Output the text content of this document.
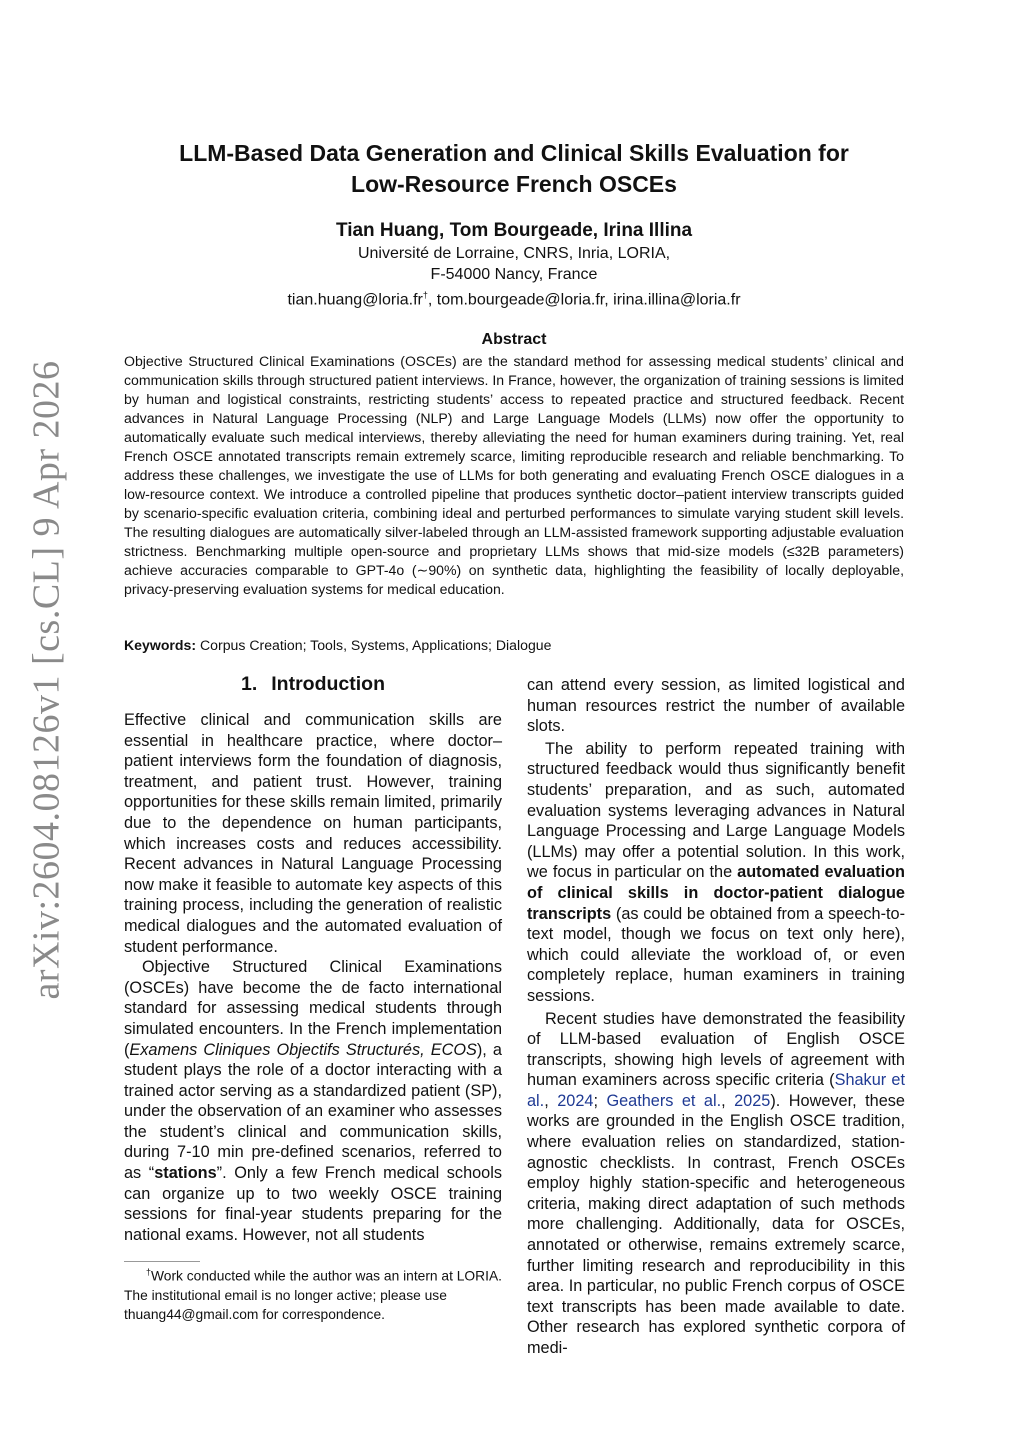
arXiv:2604.08126v1 [cs.CL] 9 Apr 2026
LLM-Based Data Generation and Clinical Skills Evaluation for
Low-Resource French OSCEs
Tian Huang, Tom Bourgeade, Irina Illina
Université de Lorraine, CNRS, Inria, LORIA,
F-54000 Nancy, France
tian.huang@loria.fr†, tom.bourgeade@loria.fr, irina.illina@loria.fr
Abstract

Objective Structured Clinical Examinations (OSCEs) are the standard method for assessing medical students’ clinical and communication skills through structured patient interviews. In France, however, the organization of training sessions is limited by human and logistical constraints, restricting students’ access to repeated practice and structured feedback. Recent advances in Natural Language Processing (NLP) and Large Language Models (LLMs) now offer the opportunity to automatically evaluate such medical interviews, thereby alleviating the need for human examiners during training. Yet, real French OSCE annotated transcripts remain extremely scarce, limiting reproducible research and reliable benchmarking. To address these challenges, we investigate the use of LLMs for both generating and evaluating French OSCE dialogues in a low-resource context. We introduce a controlled pipeline that produces synthetic doctor–patient interview transcripts guided by scenario-specific evaluation criteria, combining ideal and perturbed performances to simulate varying student skill levels. The resulting dialogues are automatically silver-labeled through an LLM-assisted framework supporting adjustable evaluation strictness. Benchmarking multiple open-source and proprietary LLMs shows that mid-size models (≤32B parameters) achieve accuracies comparable to GPT-4o (∼90%) on synthetic data, highlighting the feasibility of locally deployable, privacy-preserving evaluation systems for medical education.

Keywords: Corpus Creation; Tools, Systems, Applications; Dialogue
1. Introduction

Effective clinical and communication skills are essential in healthcare practice, where doctor–patient interviews form the foundation of diagnosis, treatment, and patient trust. However, training opportunities for these skills remain limited, primarily due to the dependence on human participants, which increases costs and reduces accessibility. Recent advances in Natural Language Processing now make it feasible to automate key aspects of this training process, including the generation of realistic medical dialogues and the automated evaluation of student performance.

Objective Structured Clinical Examinations (OSCEs) have become the de facto international standard for assessing medical students through simulated encounters. In the French implementation (Examens Cliniques Objectifs Structurés, ECOS), a student plays the role of a doctor interacting with a trained actor serving as a standardized patient (SP), under the observation of an examiner who assesses the student’s clinical and communication skills, during 7-10 min pre-defined scenarios, referred to as “stations”. Only a few French medical schools can organize up to two weekly OSCE training sessions for final-year students preparing for the national exams. However, not all students

†Work conducted while the author was an intern at LORIA. The institutional email is no longer active; please use thuang44@gmail.com for correspondence.

can attend every session, as limited logistical and human resources restrict the number of available slots.

The ability to perform repeated training with structured feedback would thus significantly benefit students’ preparation, and as such, automated evaluation systems leveraging advances in Natural Language Processing and Large Language Models (LLMs) may offer a potential solution. In this work, we focus in particular on the automated evaluation of clinical skills in doctor-patient dialogue transcripts (as could be obtained from a speech-to-text model, though we focus on text only here), which could alleviate the workload of, or even completely replace, human examiners in training sessions.

Recent studies have demonstrated the feasibility of LLM-based evaluation of English OSCE transcripts, showing high levels of agreement with human examiners across specific criteria (Shakur et al., 2024; Geathers et al., 2025). However, these works are grounded in the English OSCE tradition, where evaluation relies on standardized, station-agnostic checklists. In contrast, French OSCEs employ highly station-specific and heterogeneous criteria, making direct adaptation of such methods more challenging. Additionally, data for OSCEs, annotated or otherwise, remains extremely scarce, further limiting research and reproducibility in this area. In particular, no public French corpus of OSCE text transcripts has been made available to date. Other research has explored synthetic corpora of medi-
